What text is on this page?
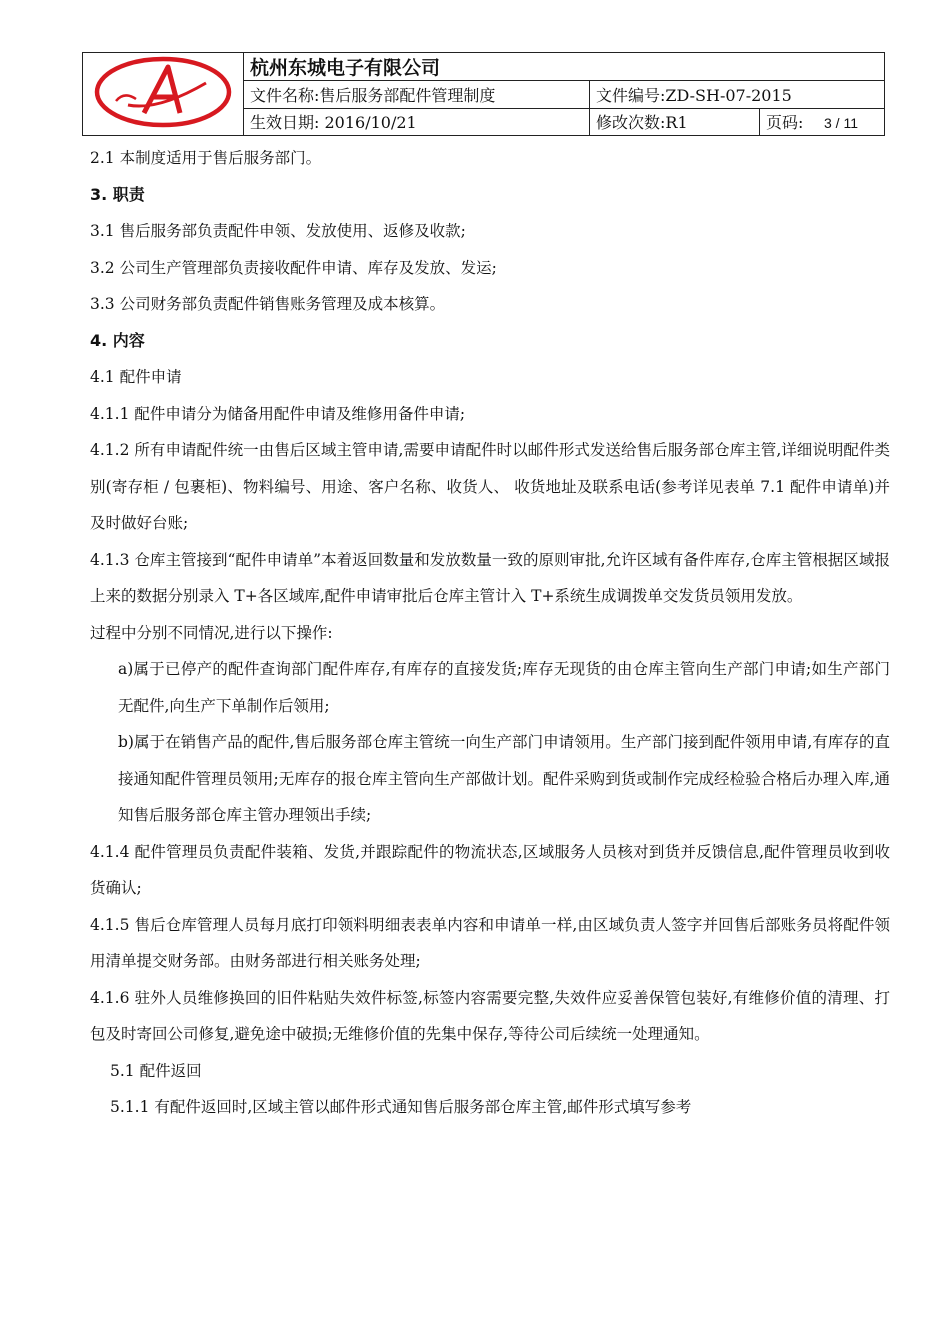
	杭州东城电子有限公司		
	文件名称:售后服务部配件管理制度	文件编号:ZD-SH-07-2015	
	生效日期: 2016/10/21	修改次数:R1	页码: 3 / 11

2.1 本制度适用于售后服务部门。

3. 职责

3.1 售后服务部负责配件申领、发放使用、返修及收款;

3.2 公司生产管理部负责接收配件申请、库存及发放、发运;

3.3 公司财务部负责配件销售账务管理及成本核算。

4. 内容

4.1 配件申请

4.1.1 配件申请分为储备用配件申请及维修用备件申请;

4.1.2 所有申请配件统一由售后区域主管申请,需要申请配件时以邮件形式发送给售后服务部仓库主管,详细说明配件类别(寄存柜 / 包裹柜)、物料编号、用途、客户名称、收货人、 收货地址及联系电话(参考详见表单 7.1 配件申请单)并及时做好台账;

4.1.3 仓库主管接到“配件申请单”本着返回数量和发放数量一致的原则审批,允许区域有备件库存,仓库主管根据区域报上来的数据分别录入 T+各区域库,配件申请审批后仓库主管计入 T+系统生成调拨单交发货员领用发放。

过程中分别不同情况,进行以下操作:

a)属于已停产的配件查询部门配件库存,有库存的直接发货;库存无现货的由仓库主管向生产部门申请;如生产部门无配件,向生产下单制作后领用;

b)属于在销售产品的配件,售后服务部仓库主管统一向生产部门申请领用。生产部门接到配件领用申请,有库存的直接通知配件管理员领用;无库存的报仓库主管向生产部做计划。配件采购到货或制作完成经检验合格后办理入库,通知售后服务部仓库主管办理领出手续;

4.1.4 配件管理员负责配件装箱、发货,并跟踪配件的物流状态,区域服务人员核对到货并反馈信息,配件管理员收到收货确认;

4.1.5 售后仓库管理人员每月底打印领料明细表表单内容和申请单一样,由区域负责人签字并回售后部账务员将配件领用清单提交财务部。由财务部进行相关账务处理;

4.1.6 驻外人员维修换回的旧件粘贴失效件标签,标签内容需要完整,失效件应妥善保管包装好,有维修价值的清理、打包及时寄回公司修复,避免途中破损;无维修价值的先集中保存,等待公司后续统一处理通知。

5.1 配件返回

5.1.1 有配件返回时,区域主管以邮件形式通知售后服务部仓库主管,邮件形式填写参考
